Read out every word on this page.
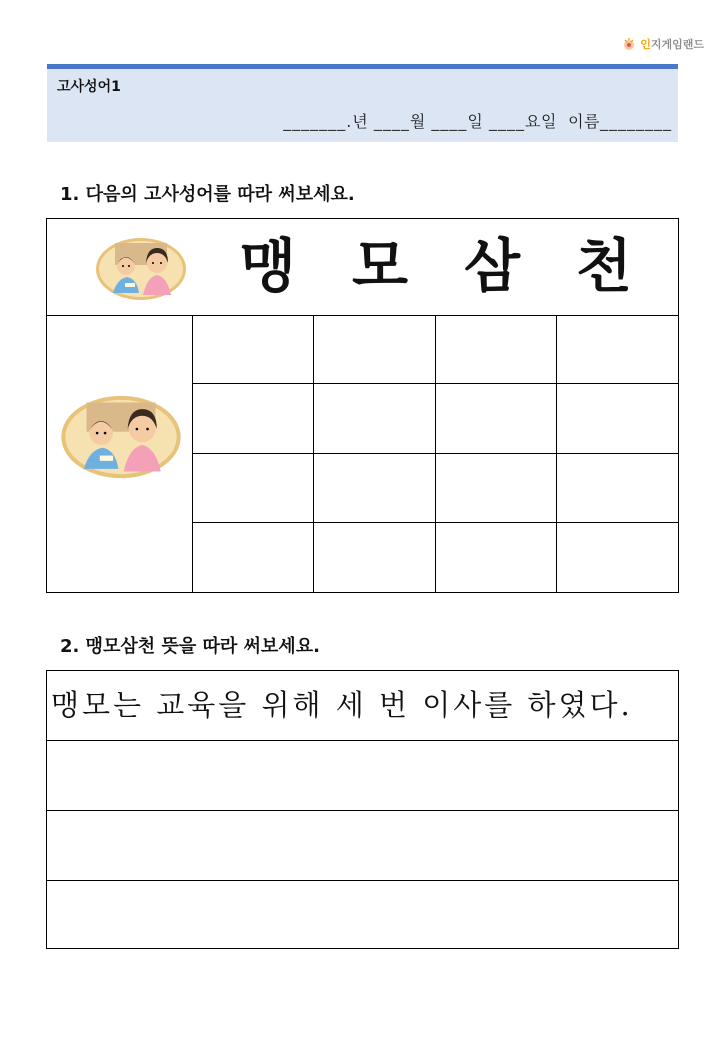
인지게임랜드
고사성어1
_______.년 ____월 ____일 ____요일 이름________
1. 다음의 고사성어를 따라 써보세요.
맹 모 삼 천
2. 맹모삼천 뜻을 따라 써보세요.
맹모는 교육을 위해 세 번 이사를 하였다.
